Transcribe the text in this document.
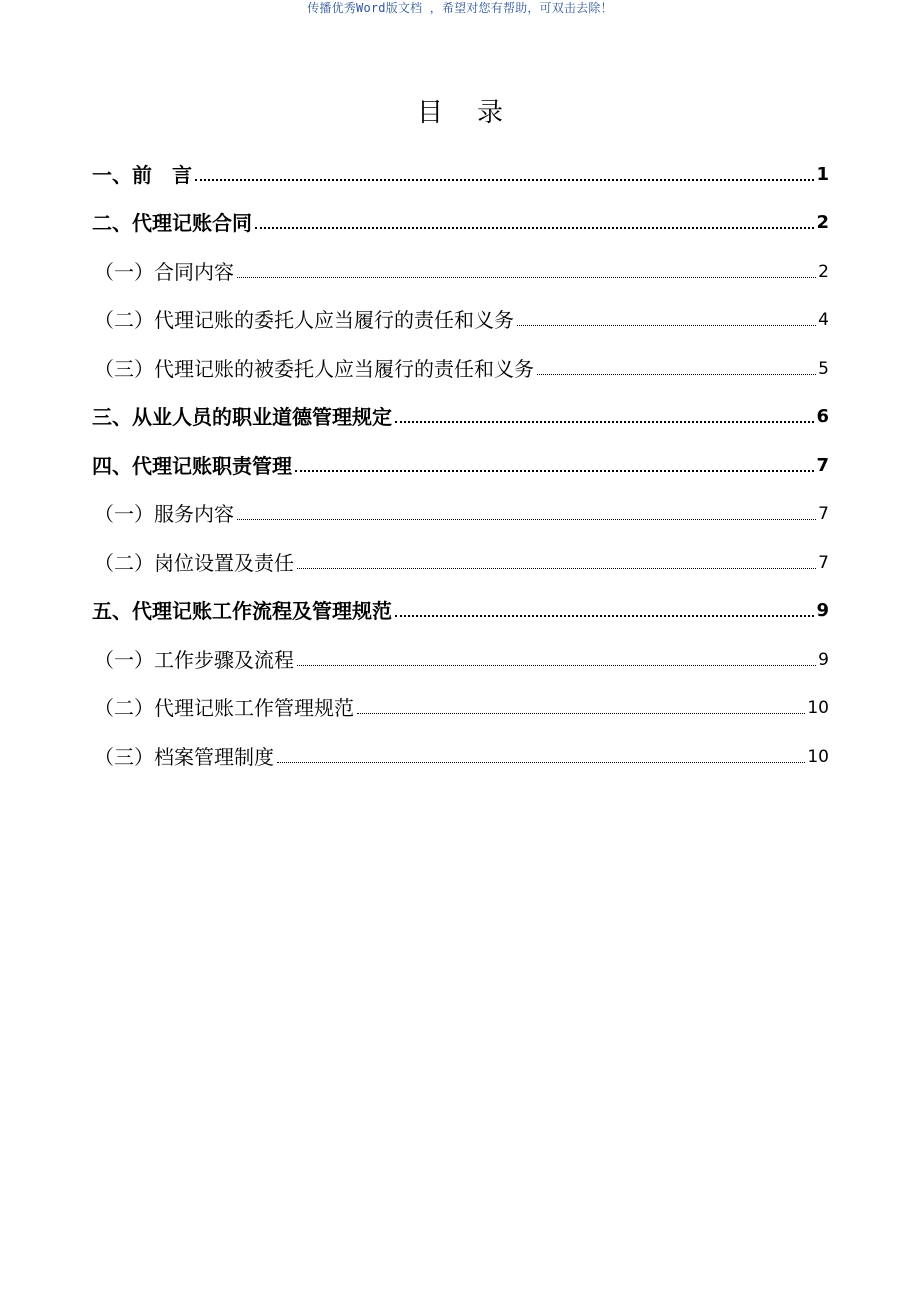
传播优秀Word版文档 ，希望对您有帮助，可双击去除！
目 录
一、前　言	1
二、代理记账合同	2
（一）合同内容	2
（二）代理记账的委托人应当履行的责任和义务	4
（三）代理记账的被委托人应当履行的责任和义务	5
三、从业人员的职业道德管理规定	6
四、代理记账职责管理	7
（一）服务内容	7
（二）岗位设置及责任	7
五、代理记账工作流程及管理规范	9
（一）工作步骤及流程	9
（二）代理记账工作管理规范	10
（三）档案管理制度	10
